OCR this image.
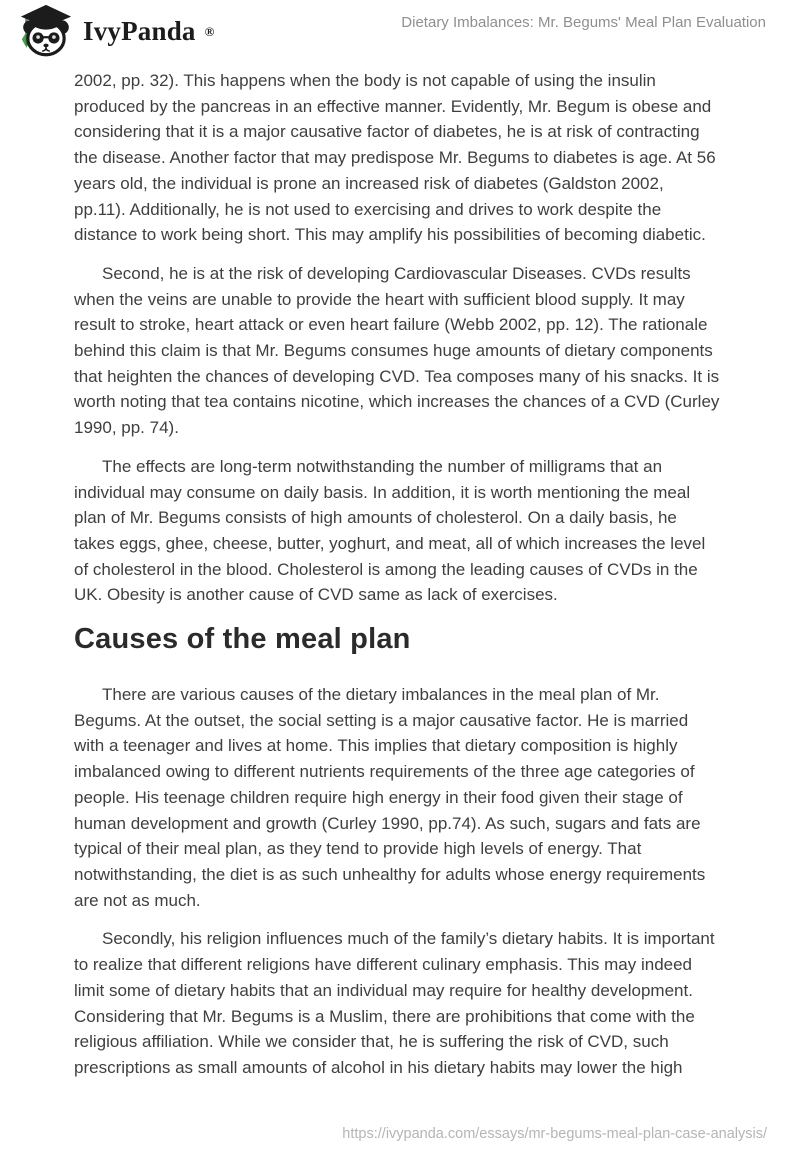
IvyPanda ®	Dietary Imbalances: Mr. Begums' Meal Plan Evaluation

2002, pp. 32). This happens when the body is not capable of using the insulin produced by the pancreas in an effective manner. Evidently, Mr. Begum is obese and considering that it is a major causative factor of diabetes, he is at risk of contracting the disease. Another factor that may predispose Mr. Begums to diabetes is age. At 56 years old, the individual is prone an increased risk of diabetes (Galdston 2002, pp.11). Additionally, he is not used to exercising and drives to work despite the distance to work being short. This may amplify his possibilities of becoming diabetic.

Second, he is at the risk of developing Cardiovascular Diseases. CVDs results when the veins are unable to provide the heart with sufficient blood supply. It may result to stroke, heart attack or even heart failure (Webb 2002, pp. 12). The rationale behind this claim is that Mr. Begums consumes huge amounts of dietary components that heighten the chances of developing CVD. Tea composes many of his snacks. It is worth noting that tea contains nicotine, which increases the chances of a CVD (Curley 1990, pp. 74).

The effects are long-term notwithstanding the number of milligrams that an individual may consume on daily basis. In addition, it is worth mentioning the meal plan of Mr. Begums consists of high amounts of cholesterol. On a daily basis, he takes eggs, ghee, cheese, butter, yoghurt, and meat, all of which increases the level of cholesterol in the blood. Cholesterol is among the leading causes of CVDs in the UK. Obesity is another cause of CVD same as lack of exercises.

Causes of the meal plan

There are various causes of the dietary imbalances in the meal plan of Mr. Begums. At the outset, the social setting is a major causative factor. He is married with a teenager and lives at home. This implies that dietary composition is highly imbalanced owing to different nutrients requirements of the three age categories of people. His teenage children require high energy in their food given their stage of human development and growth (Curley 1990, pp.74). As such, sugars and fats are typical of their meal plan, as they tend to provide high levels of energy. That notwithstanding, the diet is as such unhealthy for adults whose energy requirements are not as much.

Secondly, his religion influences much of the family’s dietary habits. It is important to realize that different religions have different culinary emphasis. This may indeed limit some of dietary habits that an individual may require for healthy development. Considering that Mr. Begums is a Muslim, there are prohibitions that come with the religious affiliation. While we consider that, he is suffering the risk of CVD, such prescriptions as small amounts of alcohol in his dietary habits may lower the high

https://ivypanda.com/essays/mr-begums-meal-plan-case-analysis/
